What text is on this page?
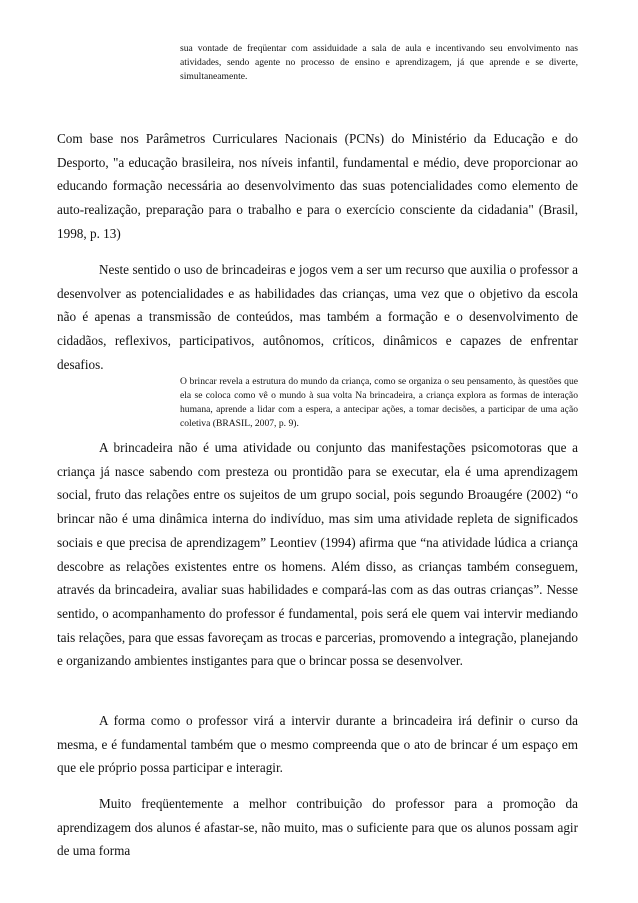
sua vontade de freqüentar com assiduidade a sala de aula e incentivando seu envolvimento nas atividades, sendo agente no processo de ensino e aprendizagem, já que aprende e se diverte, simultaneamente.

Com base nos Parâmetros Curriculares Nacionais (PCNs) do Ministério da Educação e do Desporto, "a educação brasileira, nos níveis infantil, fundamental e médio, deve proporcionar ao educando formação necessária ao desenvolvimento das suas potencialidades como elemento de auto-realização, preparação para o trabalho e para o exercício consciente da cidadania" (Brasil, 1998, p. 13)

Neste sentido o uso de brincadeiras e jogos vem a ser um recurso que auxilia o professor a desenvolver as potencialidades e as habilidades das crianças, uma vez que o objetivo da escola não é apenas a transmissão de conteúdos, mas também a formação e o desenvolvimento de cidadãos, reflexivos, participativos, autônomos, críticos, dinâmicos e capazes de enfrentar desafios.

O brincar revela a estrutura do mundo da criança, como se organiza o seu pensamento, às questões que ela se coloca como vê o mundo à sua volta Na brincadeira, a criança explora as formas de interação humana, aprende a lidar com a espera, a antecipar ações, a tomar decisões, a participar de uma ação coletiva (BRASIL, 2007, p. 9).

A brincadeira não é uma atividade ou conjunto das manifestações psicomotoras que a criança já nasce sabendo com presteza ou prontidão para se executar, ela é uma aprendizagem social, fruto das relações entre os sujeitos de um grupo social, pois segundo Broaugére (2002) “o brincar não é uma dinâmica interna do indivíduo, mas sim uma atividade repleta de significados sociais e que precisa de aprendizagem” Leontiev (1994) afirma que “na atividade lúdica a criança descobre as relações existentes entre os homens. Além disso, as crianças também conseguem, através da brincadeira, avaliar suas habilidades e compará-las com as das outras crianças”. Nesse sentido, o acompanhamento do professor é fundamental, pois será ele quem vai intervir mediando tais relações, para que essas favoreçam as trocas e parcerias, promovendo a integração, planejando e organizando ambientes instigantes para que o brincar possa se desenvolver.

A forma como o professor virá a intervir durante a brincadeira irá definir o curso da mesma, e é fundamental também que o mesmo compreenda que o ato de brincar é um espaço em que ele próprio possa participar e interagir.

Muito freqüentemente a melhor contribuição do professor para a promoção da aprendizagem dos alunos é afastar-se, não muito, mas o suficiente para que os alunos possam agir de uma forma
